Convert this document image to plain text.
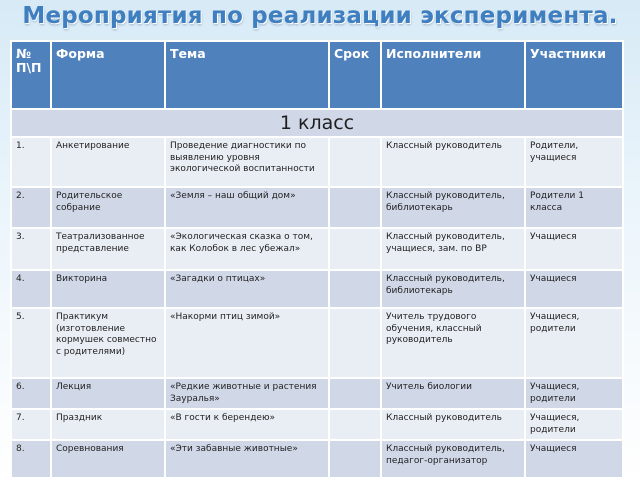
Мероприятия по реализации эксперимента.
№ П\П	Форма	Тема	Срок	Исполнители	Участники
1 класс					
1.	Анкетирование	Проведение диагностики по выявлению уровня экологической воспитанности		Классный руководитель	Родители, учащиеся
2.	Родительское собрание	«Земля – наш общий дом»		Классный руководитель, библиотекарь	Родители 1 класса
3.	Театрализованное представление	«Экологическая сказка о том, как Колобок в лес убежал»		Классный руководитель, учащиеся, зам. по ВР	Учащиеся
4.	Викторина	«Загадки о птицах»		Классный руководитель, библиотекарь	Учащиеся
5.	Практикум (изготовление кормушек совместно с родителями)	«Накорми птиц зимой»		Учитель трудового обучения, классный руководитель	Учащиеся, родители
6.	Лекция	«Редкие животные и растения Зауралья»		Учитель биологии	Учащиеся, родители
7.	Праздник	«В гости к берендею»		Классный руководитель	Учащиеся, родители
8.	Соревнования	«Эти забавные животные»		Классный руководитель, педагог-организатор	Учащиеся
